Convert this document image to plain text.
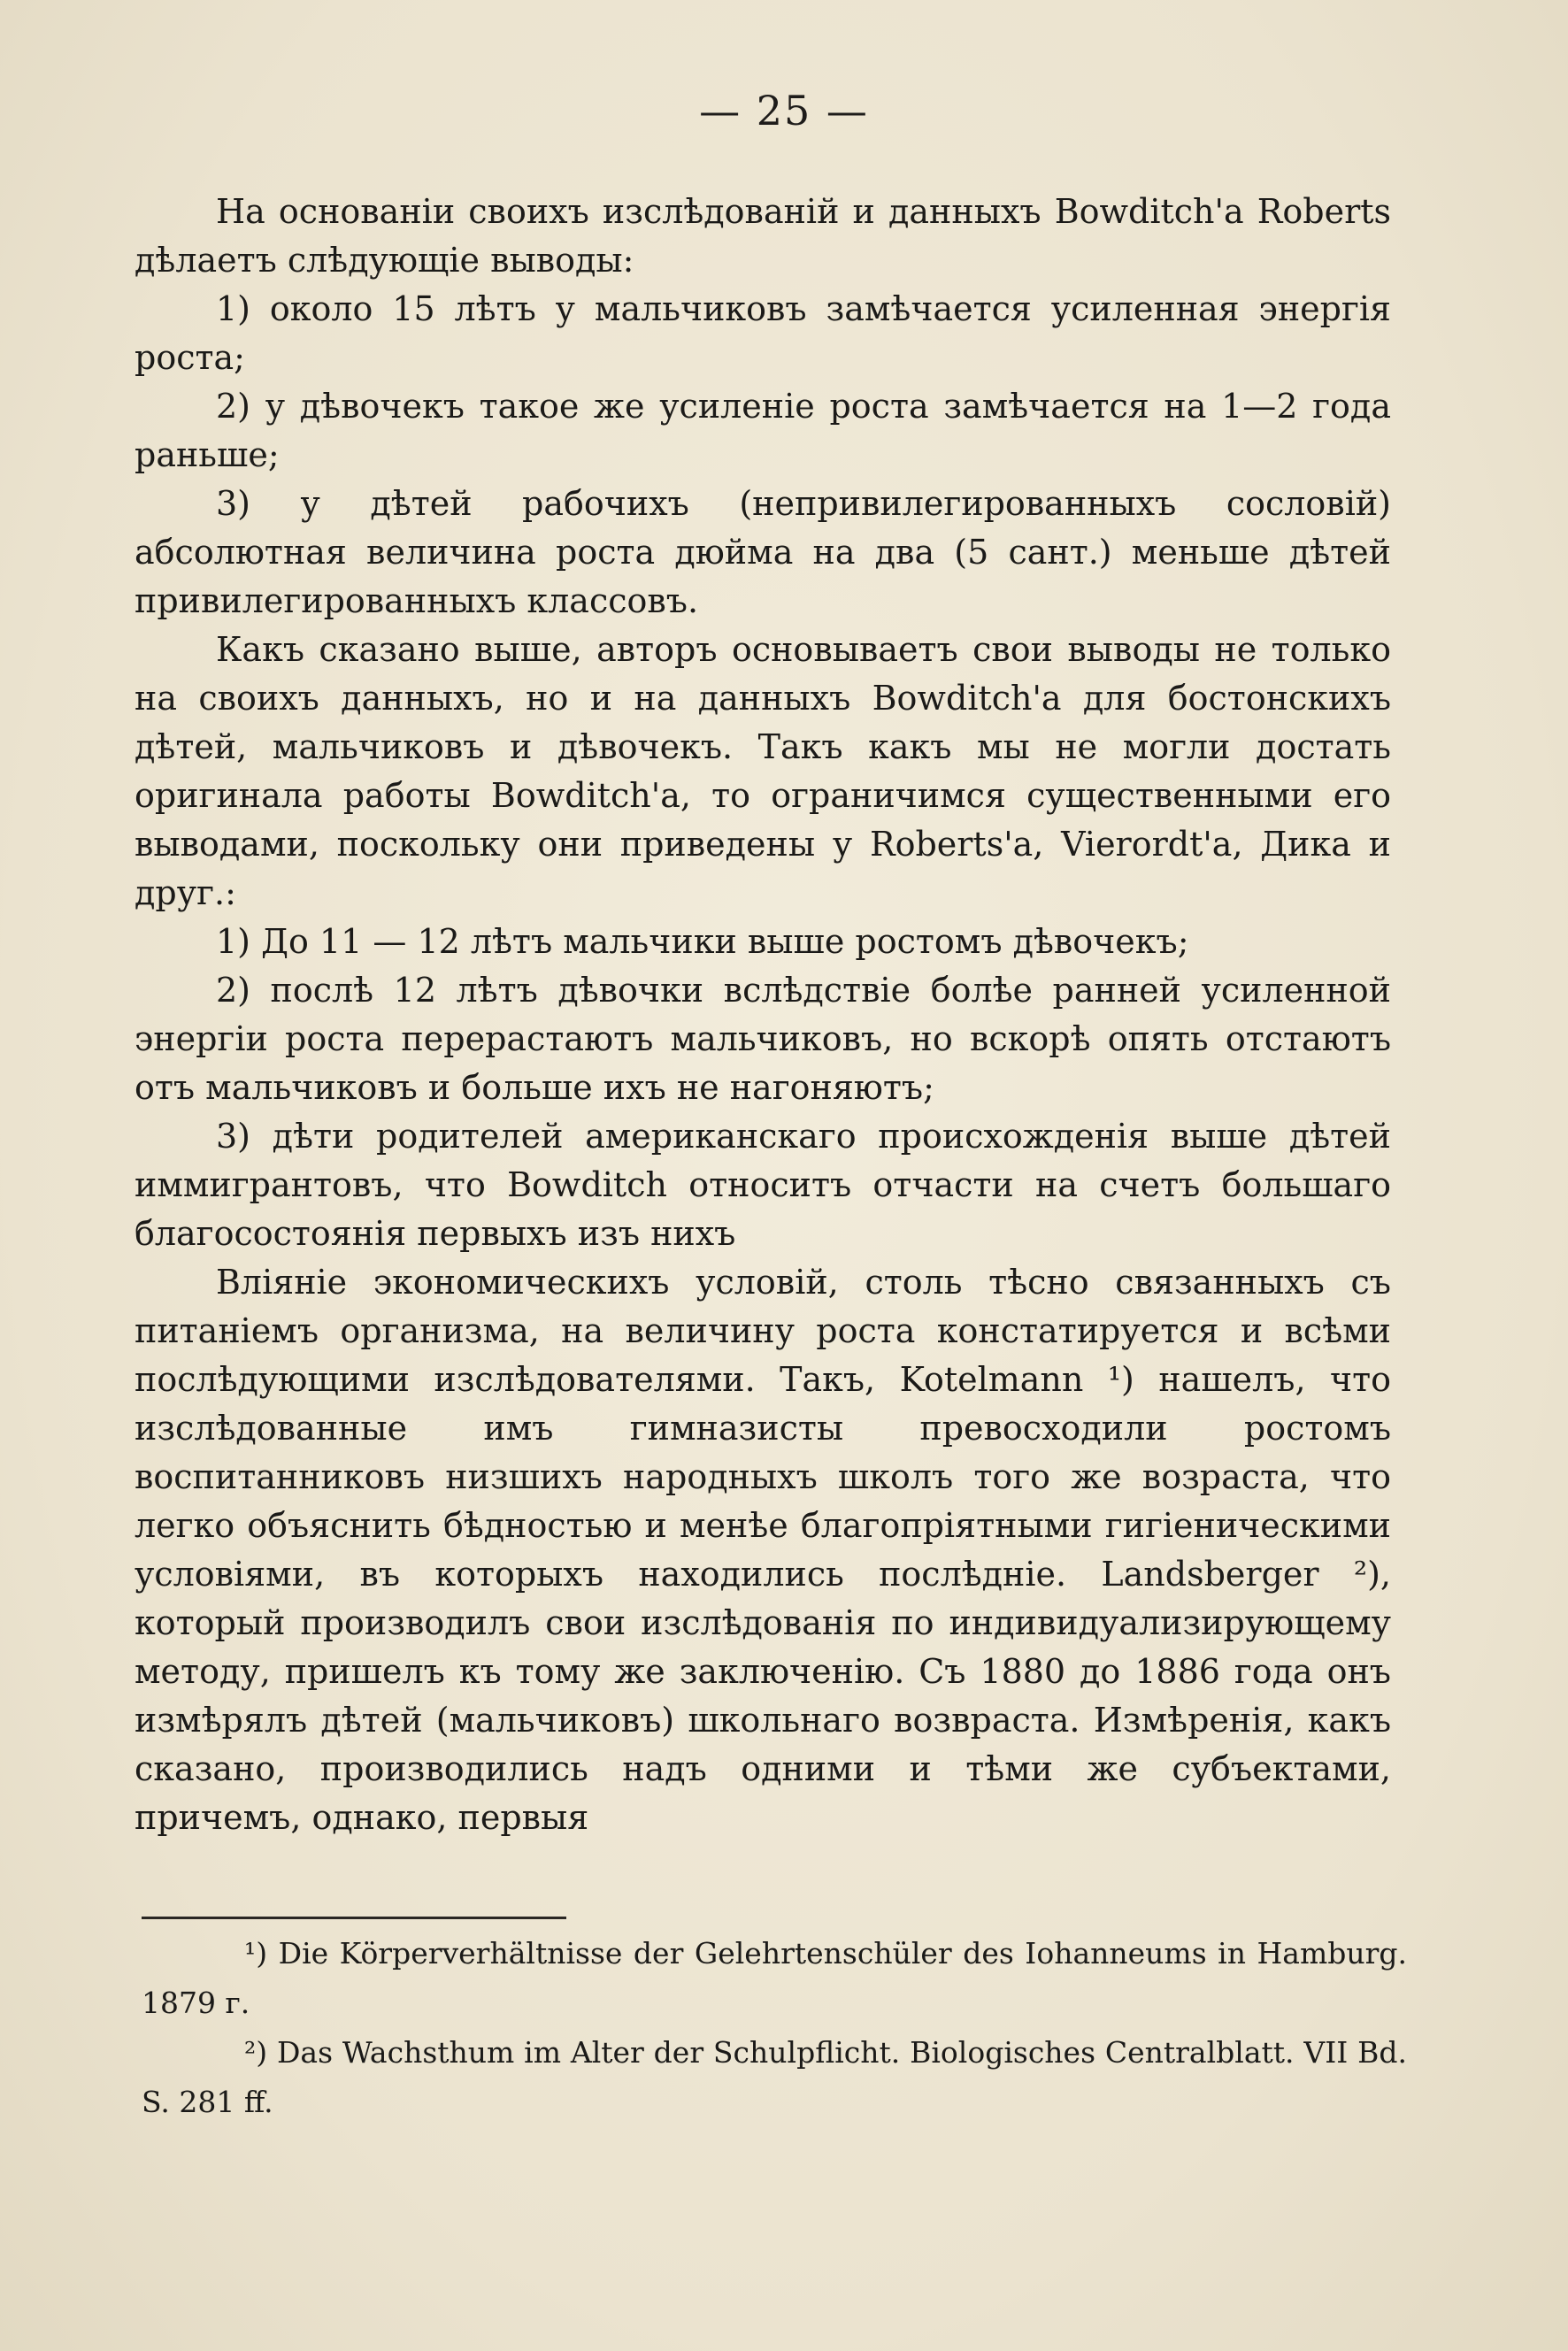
— 25 —

На основанiи своихъ изслѣдованiй и данныхъ Bowditch'a Roberts дѣлаетъ слѣдующiе выводы:

1) около 15 лѣтъ у мальчиковъ замѣчается усиленная энергiя роста;

2) у дѣвочекъ такое же усиленiе роста замѣчается на 1—2 года раньше;

3) у дѣтей рабочихъ (непривилегированныхъ сословiй) абсолютная величина роста дюйма на два (5 сант.) меньше дѣтей привилегированныхъ классовъ.

Какъ сказано выше, авторъ основываетъ свои выводы не только на своихъ данныхъ, но и на данныхъ Bowditch'a для бостонскихъ дѣтей, мальчиковъ и дѣвочекъ. Такъ какъ мы не могли достать оригинала работы Bowditch'a, то ограничимся существенными его выводами, поскольку они приведены у Roberts'a, Vierordt'a, Дика и друг.:

1) До 11 — 12 лѣтъ мальчики выше ростомъ дѣвочекъ;

2) послѣ 12 лѣтъ дѣвочки вслѣдствiе болѣе ранней усиленной энергiи роста перерастаютъ мальчиковъ, но вскорѣ опять отстаютъ отъ мальчиковъ и больше ихъ не нагоняютъ;

3) дѣти родителей американскаго происхожденiя выше дѣтей иммигрантовъ, что Bowditch относитъ отчасти на счетъ большаго благосостоянiя первыхъ изъ нихъ

Влiянiе экономическихъ условiй, столь тѣсно связанныхъ съ питанiемъ организма, на величину роста констатируется и всѣми послѣдующими изслѣдователями. Такъ, Kotelmann ¹) нашелъ, что изслѣдованные имъ гимназисты превосходили ростомъ воспитанниковъ низшихъ народныхъ школъ того же возраста, что легко объяснить бѣдностью и менѣе благопрiятными гигiеническими условiями, въ которыхъ находились послѣднiе. Landsberger ²), который производилъ свои изслѣдованiя по индивидуализирующему методу, пришелъ къ тому же заключенiю. Съ 1880 до 1886 года онъ измѣрялъ дѣтей (мальчиковъ) школьнаго возвраста. Измѣренiя, какъ сказано, производились надъ одними и тѣми же субъектами, причемъ, однако, первыя

¹) Die Körperverhältnisse der Gelehrtenschüler des Iohanneums in Hamburg. 1879 г.

²) Das Wachsthum im Alter der Schulpflicht. Biologisches Centralblatt. VII Bd. S. 281 ff.
